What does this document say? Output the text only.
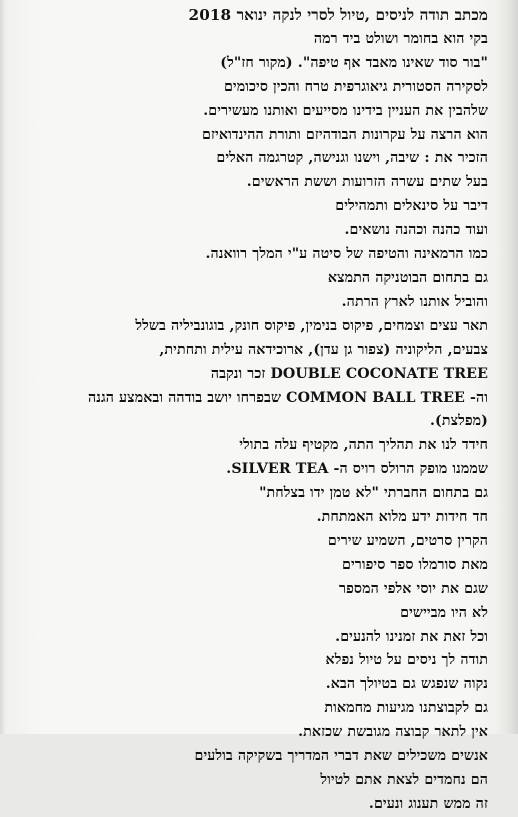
מכתב תודה לניסים ,טיול לסרי לנקה ינואר 2018
בקי הוא בחומר ושולט ביד רמה
"בור סוד שאינו מאבד אף טיפה". (מקור חז"ל)
לסקירה הסטורית גיאוגרפית טרח והכין סיכומים
שלהבין את העניין בידינו מסייעים ואותנו מעשירים.
הוא הרצה על עקרונות הבודהיזם ותורת ההינדואיזם
הזכיר את : שיבה, וישנו וגנישה, קטרגמה האלים
בעל שתים עשרה הזרועות וששת הראשים.
דיבר על סינאלים ותמהילים
ועוד כהנה וכהנה נושאים.
כמו הרמאינה והטיפה של סיטה ע"י המלך רוואנה.
גם בתחום הבוטניקה התמצא
והוביל אותנו לארץ הרתה.
תאר עצים וצמחים, פיקוס בנימין, פיקוס חונק, בוגונביליה בשלל
צבעים, הליקוניה (צפור גן עדן), ארוכידאה עילית ותחתית,
DOUBLE COCONATE TREE זכר ונקבה
וה- COMMON BALL TREE שבפרחו יושב בודהה ובאמצע הגנה
(מפלצת).
חידד לנו את תהליך התה, מקטיף עלה בתולי
שממנו מופק הרולס רויס ה- SILVER TEA.
גם בתחום החברתי "לא טמן ידו בצלחת"
חד חידות ידע מלוא האמתחת.
הקרין סרטים, השמיע שירים
מאת סורמלו ספר סיפורים
שגם את יוסי אלפי המספר
לא היו מביישים
וכל זאת את זמנינו להנעים.
תודה לך ניסים על טיול נפלא
נקוה שנפגש גם בטיולך הבא.
גם לקבוצתנו מגיעות מחמאות
אין לתאר קבוצה מגובשת שכזאת.
אנשים משכילים שאת דברי המדריך בשקיקה בולעים
הם נחמדים לצאת אתם לטיול
זה ממש תענוג ונעים.
